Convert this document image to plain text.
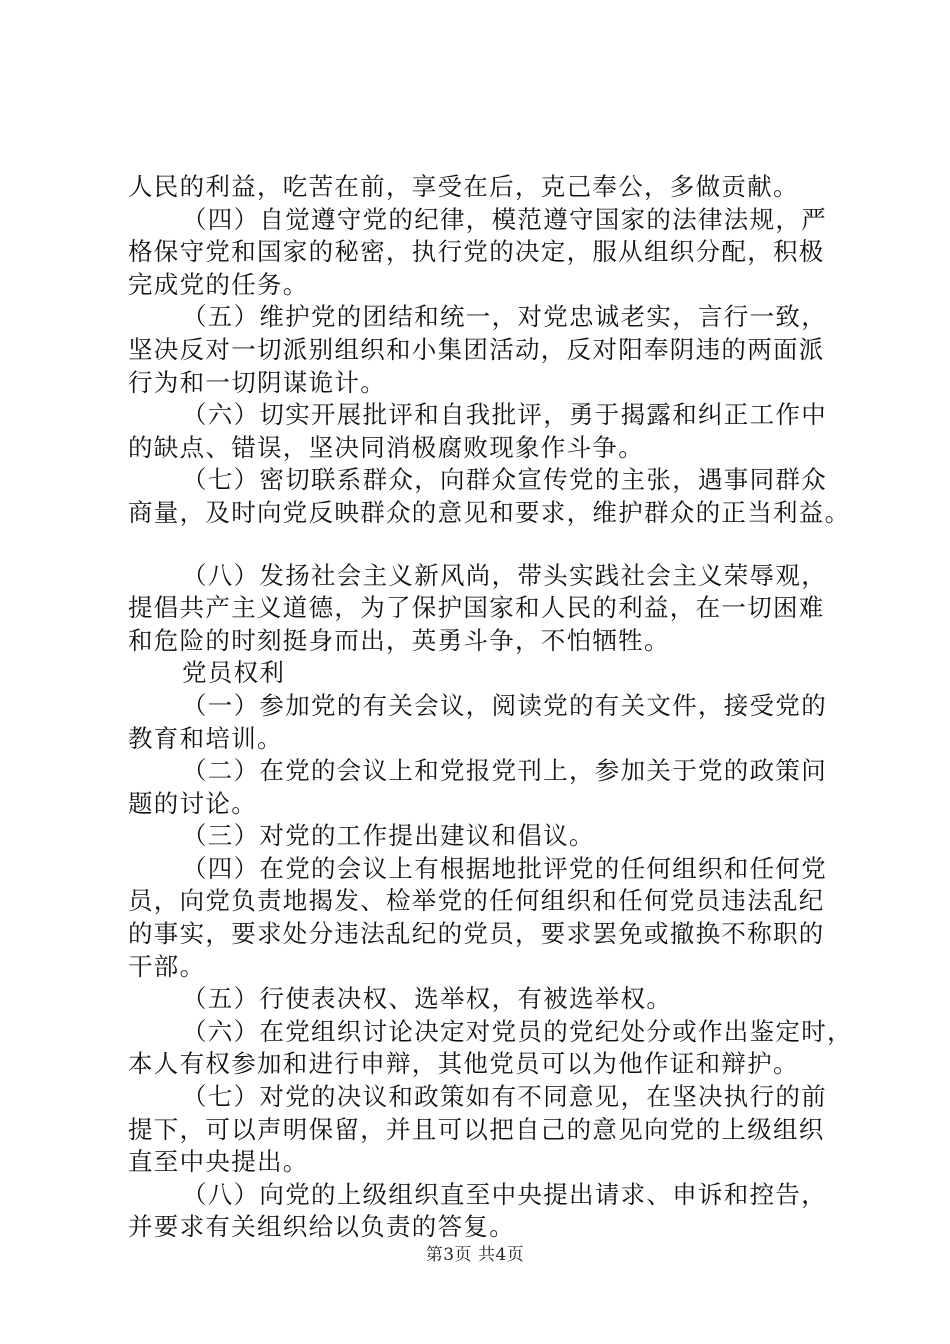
人民的利益，吃苦在前，享受在后，克己奉公，多做贡献。

（四）自觉遵守党的纪律，模范遵守国家的法律法规，严
格保守党和国家的秘密，执行党的决定，服从组织分配，积极
完成党的任务。

（五）维护党的团结和统一，对党忠诚老实，言行一致，
坚决反对一切派别组织和小集团活动，反对阳奉阴违的两面派
行为和一切阴谋诡计。

（六）切实开展批评和自我批评，勇于揭露和纠正工作中
的缺点、错误，坚决同消极腐败现象作斗争。

（七）密切联系群众，向群众宣传党的主张，遇事同群众
商量，及时向党反映群众的意见和要求，维护群众的正当利益。

（八）发扬社会主义新风尚，带头实践社会主义荣辱观，
提倡共产主义道德，为了保护国家和人民的利益，在一切困难
和危险的时刻挺身而出，英勇斗争，不怕牺牲。

党员权利

（一）参加党的有关会议，阅读党的有关文件，接受党的
教育和培训。

（二）在党的会议上和党报党刊上，参加关于党的政策问
题的讨论。

（三）对党的工作提出建议和倡议。

（四）在党的会议上有根据地批评党的任何组织和任何党
员，向党负责地揭发、检举党的任何组织和任何党员违法乱纪
的事实，要求处分违法乱纪的党员，要求罢免或撤换不称职的
干部。

（五）行使表决权、选举权，有被选举权。

（六）在党组织讨论决定对党员的党纪处分或作出鉴定时，
本人有权参加和进行申辩，其他党员可以为他作证和辩护。

（七）对党的决议和政策如有不同意见，在坚决执行的前
提下，可以声明保留，并且可以把自己的意见向党的上级组织
直至中央提出。

（八）向党的上级组织直至中央提出请求、申诉和控告，
并要求有关组织给以负责的答复。

第3页 共4页
